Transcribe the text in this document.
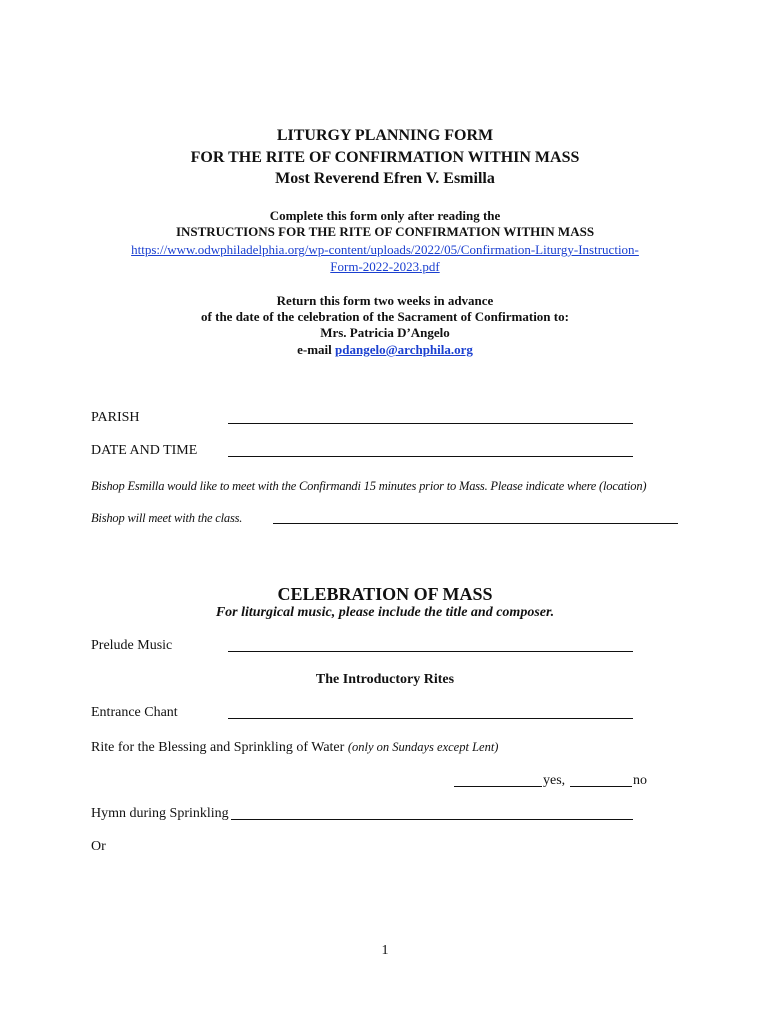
LITURGY PLANNING FORM
FOR THE RITE OF CONFIRMATION WITHIN MASS
Most Reverend Efren V. Esmilla
Complete this form only after reading the
INSTRUCTIONS FOR THE RITE OF CONFIRMATION WITHIN MASS
https://www.odwphiladelphia.org/wp-content/uploads/2022/05/Confirmation-Liturgy-Instruction-
Form-2022-2023.pdf
Return this form two weeks in advance
of the date of the celebration of the Sacrament of Confirmation to:
Mrs. Patricia D’Angelo
e-mail pdangelo@archphila.org
PARISH
DATE AND TIME
Bishop Esmilla would like to meet with the Confirmandi 15 minutes prior to Mass. Please indicate where (location)
Bishop will meet with the class.
CELEBRATION OF MASS
For liturgical music, please include the title and composer.
Prelude Music
The Introductory Rites
Entrance Chant
Rite for the Blessing and Sprinkling of Water (only on Sundays except Lent)
yes,	no
Hymn during Sprinkling
Or
1
